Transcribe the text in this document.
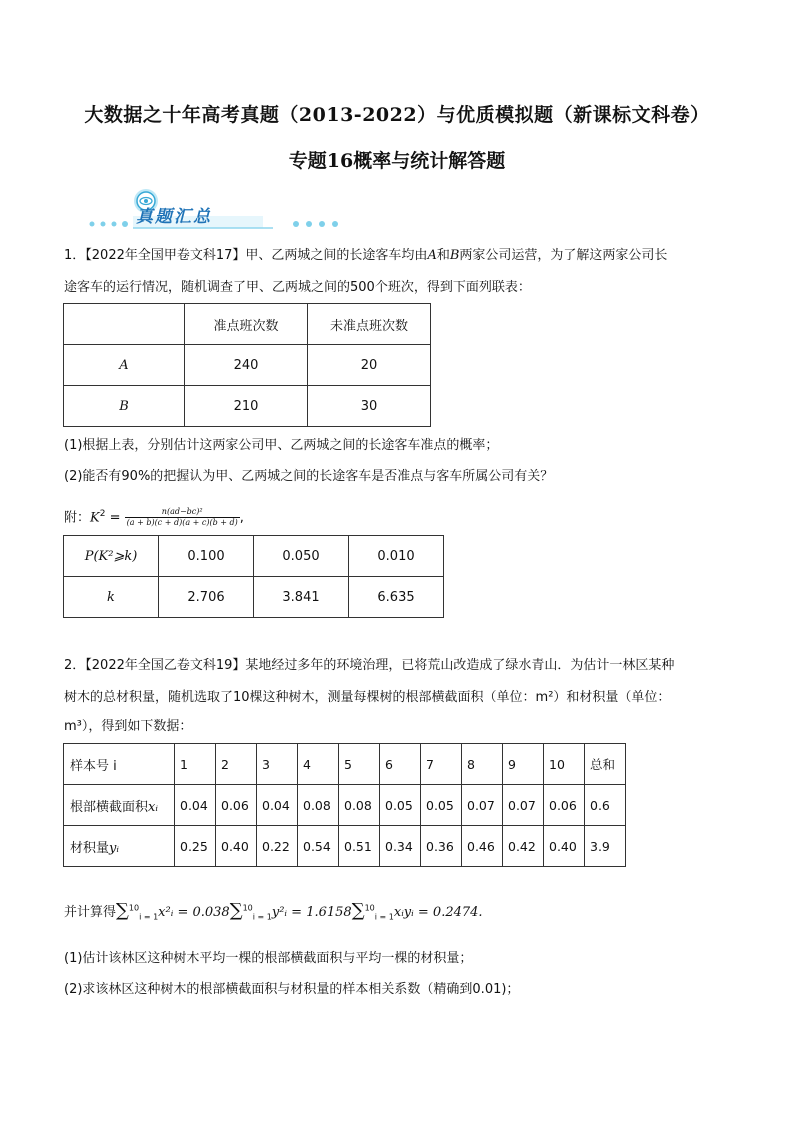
大数据之十年高考真题（2013-2022）与优质模拟题（新课标文科卷）
专题16概率与统计解答题
真题汇总
1．【2022年全国甲卷文科17】甲、乙两城之间的长途客车均由A和B两家公司运营，为了解这两家公司长
途客车的运行情况，随机调查了甲、乙两城之间的500个班次，得到下面列联表：
	准点班次数	未准点班次数
A	240	20
B	210	30
(1)根据上表，分别估计这两家公司甲、乙两城之间的长途客车准点的概率；
(2)能否有90%的把握认为甲、乙两城之间的长途客车是否准点与客车所属公司有关？
附：$K^2 = \frac{\text{n(ad−bc)²}}{(a + b)(c + d)(a + c)(b + d)}$ ,
P(K²⩾k)	0.100	0.050	0.010
k	2.706	3.841	6.635
2．【2022年全国乙卷文科19】某地经过多年的环境治理，已将荒山改造成了绿水青山．为估计一林区某种
树木的总材积量，随机选取了10棵这种树木，测量每棵树的根部横截面积（单位：m²）和材积量（单位：
m³），得到如下数据：
样本号 i	1	2	3	4	5	6	7	8	9	10	总和
根部横截面积xᵢ	0.04	0.06	0.04	0.08	0.08	0.05	0.05	0.07	0.07	0.06	0.6
材积量yᵢ	0.25	0.40	0.22	0.54	0.51	0.34	0.36	0.46	0.42	0.40	3.9
并计算得∑$^{10}_{i = 1}$x²ᵢ = 0.038∑$^{10}_{i = 1}$y²ᵢ = 1.6158∑$^{10}_{i = 1}$xᵢyᵢ = 0.2474.
(1)估计该林区这种树木平均一棵的根部横截面积与平均一棵的材积量；
(2)求该林区这种树木的根部横截面积与材积量的样本相关系数（精确到0.01)；
